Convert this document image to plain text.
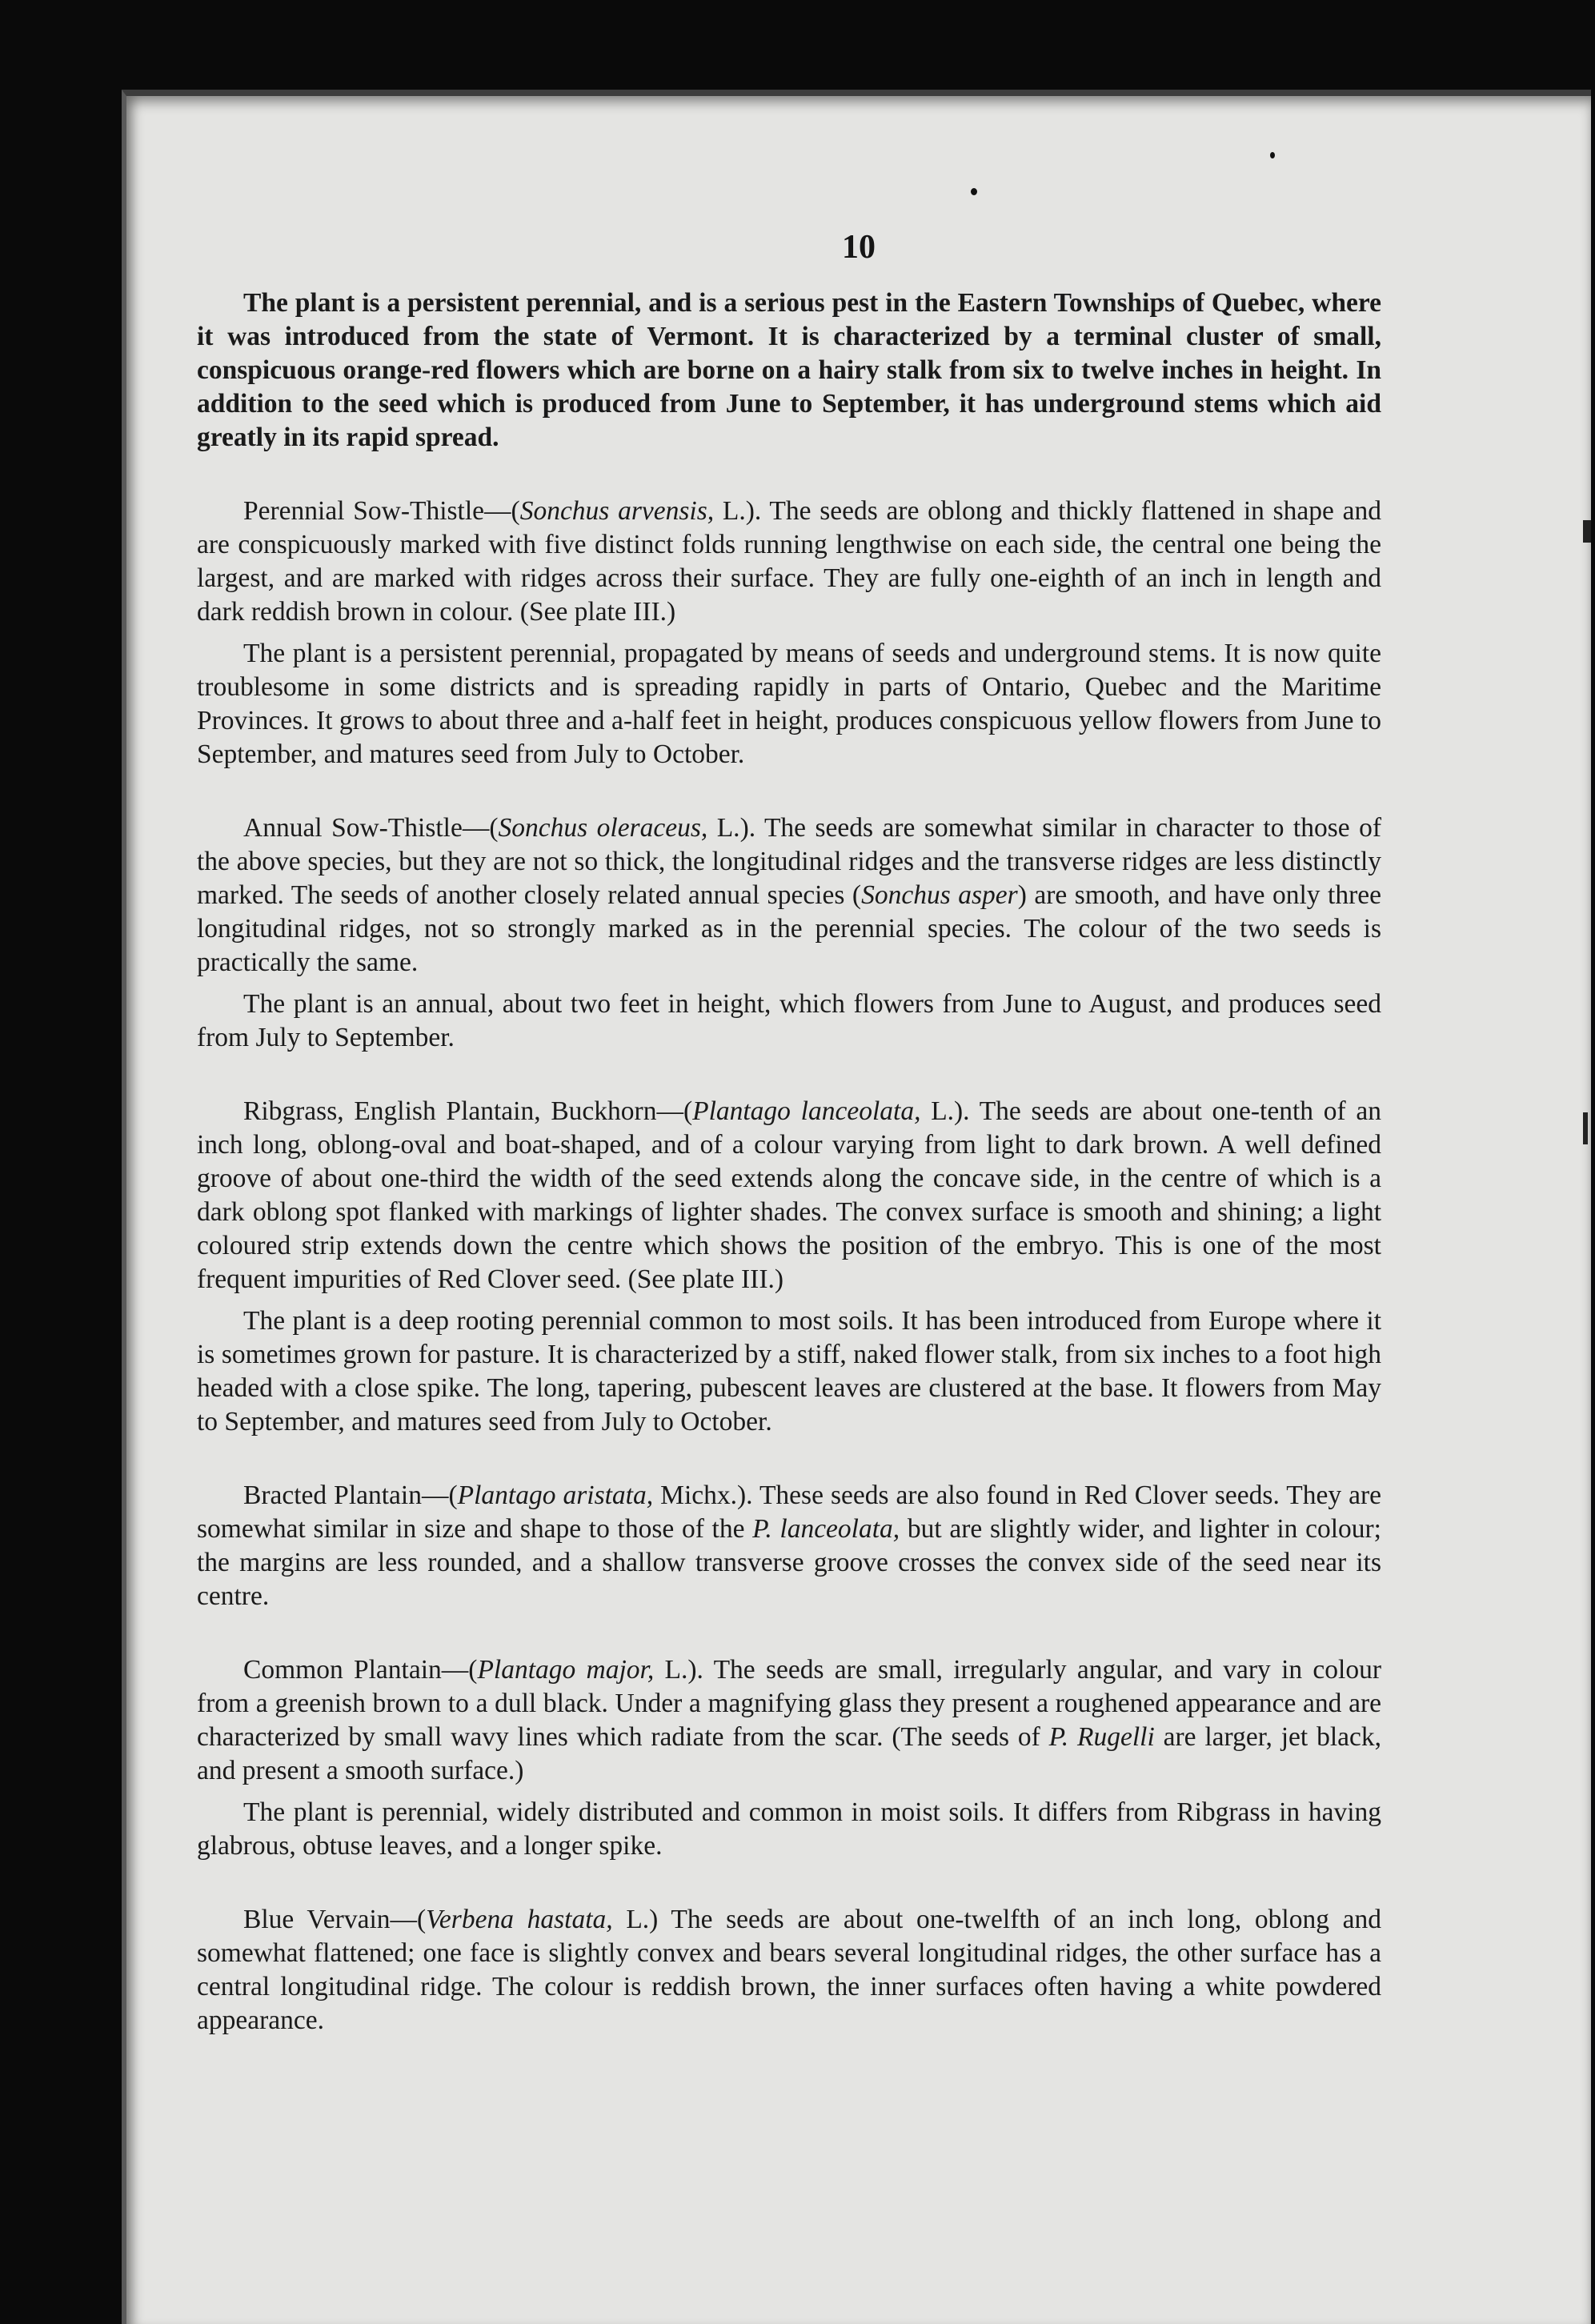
10

The plant is a persistent perennial, and is a serious pest in the Eastern Townships of Quebec, where it was introduced from the state of Vermont. It is characterized by a terminal cluster of small, conspicuous orange-red flowers which are borne on a hairy stalk from six to twelve inches in height. In addition to the seed which is produced from June to September, it has underground stems which aid greatly in its rapid spread.

Perennial Sow-Thistle—(Sonchus arvensis, L.). The seeds are oblong and thickly flattened in shape and are conspicuously marked with five distinct folds running lengthwise on each side, the central one being the largest, and are marked with ridges across their surface. They are fully one-eighth of an inch in length and dark reddish brown in colour. (See plate III.)

The plant is a persistent perennial, propagated by means of seeds and underground stems. It is now quite troublesome in some districts and is spreading rapidly in parts of Ontario, Quebec and the Maritime Provinces. It grows to about three and a-half feet in height, produces conspicuous yellow flowers from June to September, and matures seed from July to October.

Annual Sow-Thistle—(Sonchus oleraceus, L.). The seeds are somewhat similar in character to those of the above species, but they are not so thick, the longitudinal ridges and the transverse ridges are less distinctly marked. The seeds of another closely related annual species (Sonchus asper) are smooth, and have only three longitudinal ridges, not so strongly marked as in the perennial species. The colour of the two seeds is practically the same.

The plant is an annual, about two feet in height, which flowers from June to August, and produces seed from July to September.

Ribgrass, English Plantain, Buckhorn—(Plantago lanceolata, L.). The seeds are about one-tenth of an inch long, oblong-oval and boat-shaped, and of a colour varying from light to dark brown. A well defined groove of about one-third the width of the seed extends along the concave side, in the centre of which is a dark oblong spot flanked with markings of lighter shades. The convex surface is smooth and shining; a light coloured strip extends down the centre which shows the position of the embryo. This is one of the most frequent impurities of Red Clover seed. (See plate III.)

The plant is a deep rooting perennial common to most soils. It has been introduced from Europe where it is sometimes grown for pasture. It is characterized by a stiff, naked flower stalk, from six inches to a foot high headed with a close spike. The long, tapering, pubescent leaves are clustered at the base. It flowers from May to September, and matures seed from July to October.

Bracted Plantain—(Plantago aristata, Michx.). These seeds are also found in Red Clover seeds. They are somewhat similar in size and shape to those of the P. lanceolata, but are slightly wider, and lighter in colour; the margins are less rounded, and a shallow transverse groove crosses the convex side of the seed near its centre.

Common Plantain—(Plantago major, L.). The seeds are small, irregularly angular, and vary in colour from a greenish brown to a dull black. Under a magnifying glass they present a roughened appearance and are characterized by small wavy lines which radiate from the scar. (The seeds of P. Rugelli are larger, jet black, and present a smooth surface.)

The plant is perennial, widely distributed and common in moist soils. It differs from Ribgrass in having glabrous, obtuse leaves, and a longer spike.

Blue Vervain—(Verbena hastata, L.) The seeds are about one-twelfth of an inch long, oblong and somewhat flattened; one face is slightly convex and bears several longitudinal ridges, the other surface has a central longitudinal ridge. The colour is reddish brown, the inner surfaces often having a white powdered appearance.
